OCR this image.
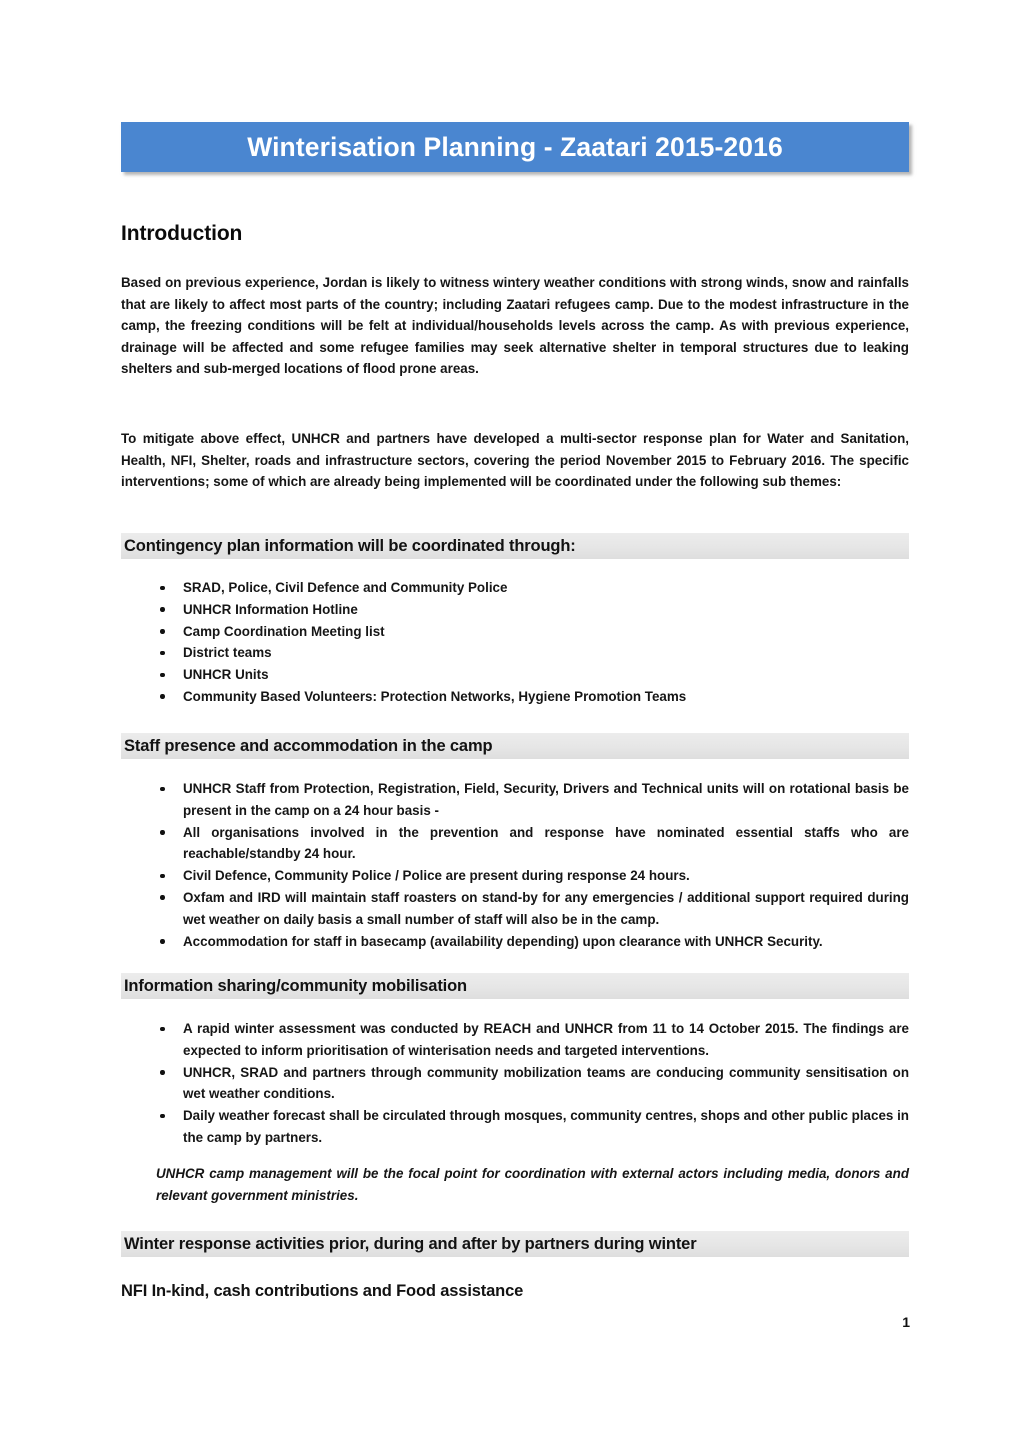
Winterisation Planning - Zaatari 2015-2016
Introduction
Based on previous experience, Jordan is likely to witness wintery weather conditions with strong winds, snow and rainfalls that are likely to affect most parts of the country; including Zaatari refugees camp. Due to the modest infrastructure in the camp, the freezing conditions will be felt at individual/households levels across the camp. As with previous experience, drainage will be affected and some refugee families may seek alternative shelter in temporal structures due to leaking shelters and sub-merged locations of flood prone areas.
To mitigate above effect, UNHCR and partners have developed a multi-sector response plan for Water and Sanitation, Health, NFI, Shelter, roads and infrastructure sectors, covering the period November 2015 to February 2016. The specific interventions; some of which are already being implemented will be coordinated under the following sub themes:
Contingency plan information will be coordinated through:
SRAD, Police, Civil Defence and Community Police
UNHCR Information Hotline
Camp Coordination Meeting list
District teams
UNHCR Units
Community Based Volunteers: Protection Networks, Hygiene Promotion Teams
Staff presence and accommodation in the camp
UNHCR Staff from Protection, Registration, Field, Security, Drivers and Technical units will on rotational basis be present in the camp on a 24 hour basis -
All organisations involved in the prevention and response have nominated essential staffs who are reachable/standby 24 hour.
Civil Defence, Community Police / Police are present during response 24 hours.
Oxfam and IRD will maintain staff roasters on stand-by for any emergencies / additional support required during wet weather on daily basis a small number of staff will also be in the camp.
Accommodation for staff in basecamp (availability depending) upon clearance with UNHCR Security.
Information sharing/community mobilisation
A rapid winter assessment was conducted by REACH and UNHCR from 11 to 14 October 2015. The findings are expected to inform prioritisation of winterisation needs and targeted interventions.
UNHCR, SRAD and partners through community mobilization teams are conducing community sensitisation on wet weather conditions.
Daily weather forecast shall be circulated through mosques, community centres, shops and other public places in the camp by partners.
UNHCR camp management will be the focal point for coordination with external actors including media, donors and relevant government ministries.
Winter response activities prior, during and after by partners during winter
NFI In-kind, cash contributions and Food assistance
1
